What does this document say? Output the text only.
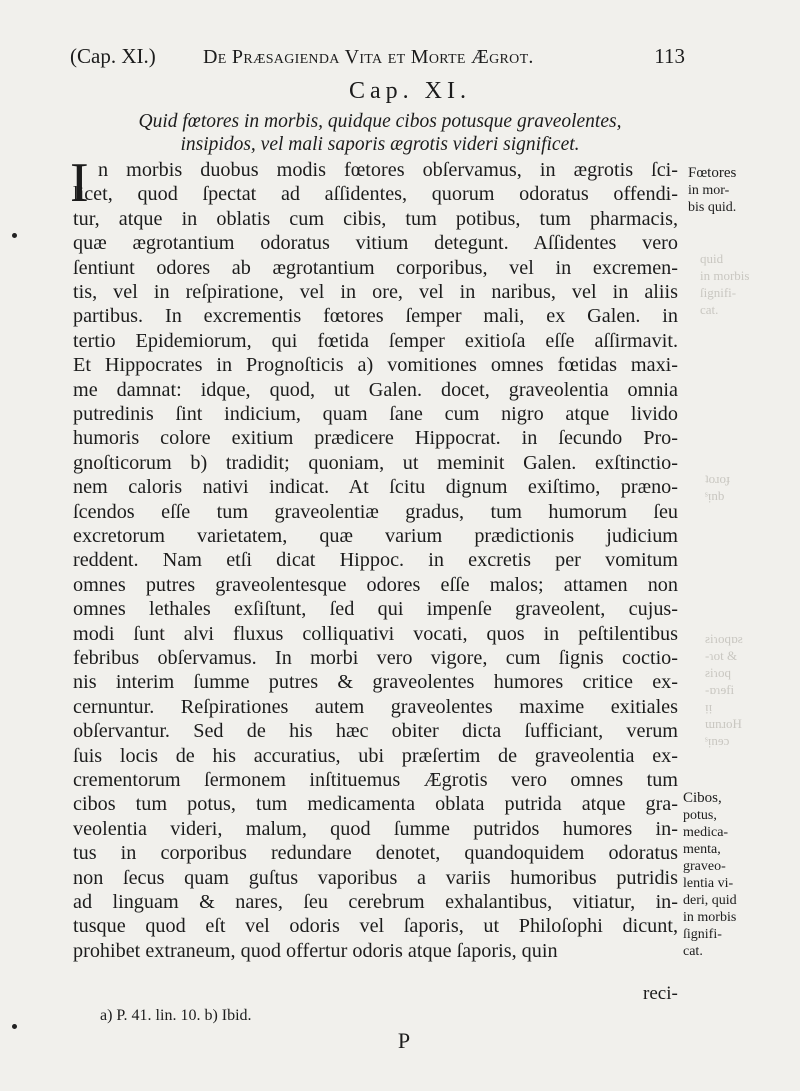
(Cap. XI.) De Præsagienda Vita et Morte Ægrot.	113
Cap. XI.
Quid fœtores in morbis, quidque cibos potusque graveolentes,
insipidos, vel mali saporis ægrotis videri significet.
I n morbis duobus modis fœtores obſervamus, in ægrotis ſci-
licet, quod ſpectat ad aſſidentes, quorum odoratus offendi-
tur, atque in oblatis cum cibis, tum potibus, tum pharmacis,
quæ ægrotantium odoratus vitium detegunt. Aſſidentes vero
ſentiunt odores ab ægrotantium corporibus, vel in excremen-
tis, vel in reſpiratione, vel in ore, vel in naribus, vel in aliis
partibus. In excrementis fœtores ſemper mali, ex Galen. in
tertio Epidemiorum, qui fœtida ſemper exitioſa eſſe aſſirmavit.
Et Hippocrates in Prognoſticis a) vomitiones omnes fœtidas maxi-
me damnat: idque, quod, ut Galen. docet, graveolentia omnia
putredinis ſint indicium, quam ſane cum nigro atque livido
humoris colore exitium prædicere Hippocrat. in ſecundo Pro-
gnoſticorum b) tradidit; quoniam, ut meminit Galen. exſtinctio-
nem caloris nativi indicat. At ſcitu dignum exiſtimo, præno-
ſcendos eſſe tum graveolentiæ gradus, tum humorum ſeu
excretorum varietatem, quæ varium prædictionis judicium
reddent. Nam etſi dicat Hippoc. in excretis per vomitum
omnes putres graveolentesque odores eſſe malos; attamen non
omnes lethales exſiſtunt, ſed qui impenſe graveolent, cujus-
modi ſunt alvi fluxus colliquativi vocati, quos in peſtilentibus
febribus obſervamus. In morbi vero vigore, cum ſignis coctio-
nis interim ſumme putres & graveolentes humores critice ex-
cernuntur. Reſpirationes autem graveolentes maxime exitiales
obſervantur. Sed de his hæc obiter dicta ſufficiant, verum
ſuis locis de his accuratius, ubi præſertim de graveolentia ex-
crementorum ſermonem inſtituemus Ægrotis vero omnes tum
cibos tum potus, tum medicamenta oblata putrida atque gra-
veolentia videri, malum, quod ſumme putridos humores in-
tus in corporibus redundare denotet, quandoquidem odoratus
non ſecus quam guſtus vaporibus a variis humoribus putridis
ad linguam & nares, ſeu cerebrum exhalantibus, vitiatur, in-
tusque quod eſt vel odoris vel ſaporis, ut Philoſophi dicunt,
prohibet extraneum, quod offertur odoris atque ſaporis, quin
Fœtores
in mor-
bis quid.
Cibos,
potus,
medica-
menta,
graveo-
lentia vi-
deri, quid
in morbis
ſignifi-
cat.
quid
in morbis
ſignifi-
cat.
ʇoɹoɟ
ˢᴉnb
ƨiɿoqɒƨ
-ɿot &
ƨiɿoq
-ɒɿɘfi
ᴉᴉ
ɯnɹoH
ˢᴉnɘɔ
reci-
a) P. 41. lin. 10. b) Ibid.
P
